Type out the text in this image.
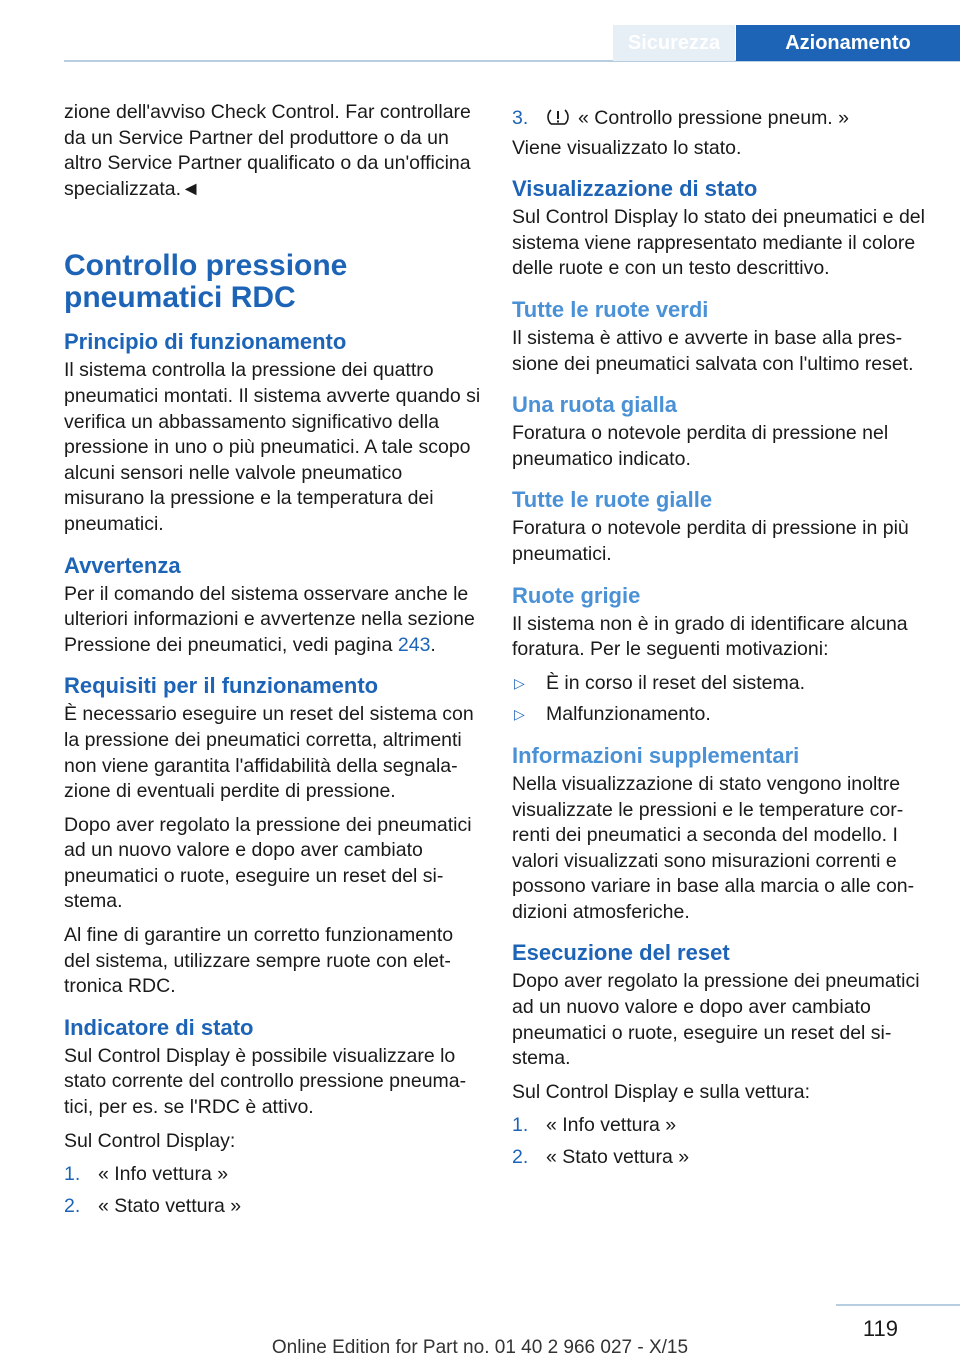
Sicurezza	Azionamento

zione dell'avviso Check Control. Far controllare da un Service Partner del produttore o da un altro Service Partner qualificato o da un'officina specializzata.◄

Controllo pressione pneumatici RDC
Principio di funzionamento

Il sistema controlla la pressione dei quattro pneumatici montati. Il sistema avverte quando si verifica un abbassamento significativo della pressione in uno o più pneumatici. A tale scopo alcuni sensori nelle valvole pneumatico misurano la pressione e la temperatura dei pneumatici.

Avvertenza

Per il comando del sistema osservare anche le ulteriori informazioni e avvertenze nella sezione Pressione dei pneumatici, vedi pagina 243.

Requisiti per il funzionamento

È necessario eseguire un reset del sistema con la pressione dei pneumatici corretta, altrimenti non viene garantita l'affidabilità della segnala‐zione di eventuali perdite di pressione.

Dopo aver regolato la pressione dei pneumatici ad un nuovo valore e dopo aver cambiato pneumatici o ruote, eseguire un reset del si‐stema.

Al fine di garantire un corretto funzionamento del sistema, utilizzare sempre ruote con elet‐tronica RDC.

Indicatore di stato

Sul Control Display è possibile visualizzare lo stato corrente del controllo pressione pneuma‐tici, per es. se l'RDC è attivo.

Sul Control Display:

1. « Info vettura »
2. « Stato vettura »
3.	« Controllo pressione pneum. »

Viene visualizzato lo stato.

Visualizzazione di stato

Sul Control Display lo stato dei pneumatici e del sistema viene rappresentato mediante il colore delle ruote e con un testo descrittivo.

Tutte le ruote verdi

Il sistema è attivo e avverte in base alla pres‐sione dei pneumatici salvata con l'ultimo reset.

Una ruota gialla

Foratura o notevole perdita di pressione nel pneumatico indicato.

Tutte le ruote gialle

Foratura o notevole perdita di pressione in più pneumatici.

Ruote grigie

Il sistema non è in grado di identificare alcuna foratura. Per le seguenti motivazioni:

▷ È in corso il reset del sistema.
▷ Malfunzionamento.
Informazioni supplementari

Nella visualizzazione di stato vengono inoltre visualizzate le pressioni e le temperature cor‐renti dei pneumatici a seconda del modello. I valori visualizzati sono misurazioni correnti e possono variare in base alla marcia o alle con‐dizioni atmosferiche.

Esecuzione del reset

Dopo aver regolato la pressione dei pneumatici ad un nuovo valore e dopo aver cambiato pneumatici o ruote, eseguire un reset del si‐stema.

Sul Control Display e sulla vettura:

1. « Info vettura »
2. « Stato vettura »
119
Online Edition for Part no. 01 40 2 966 027 - X/15
